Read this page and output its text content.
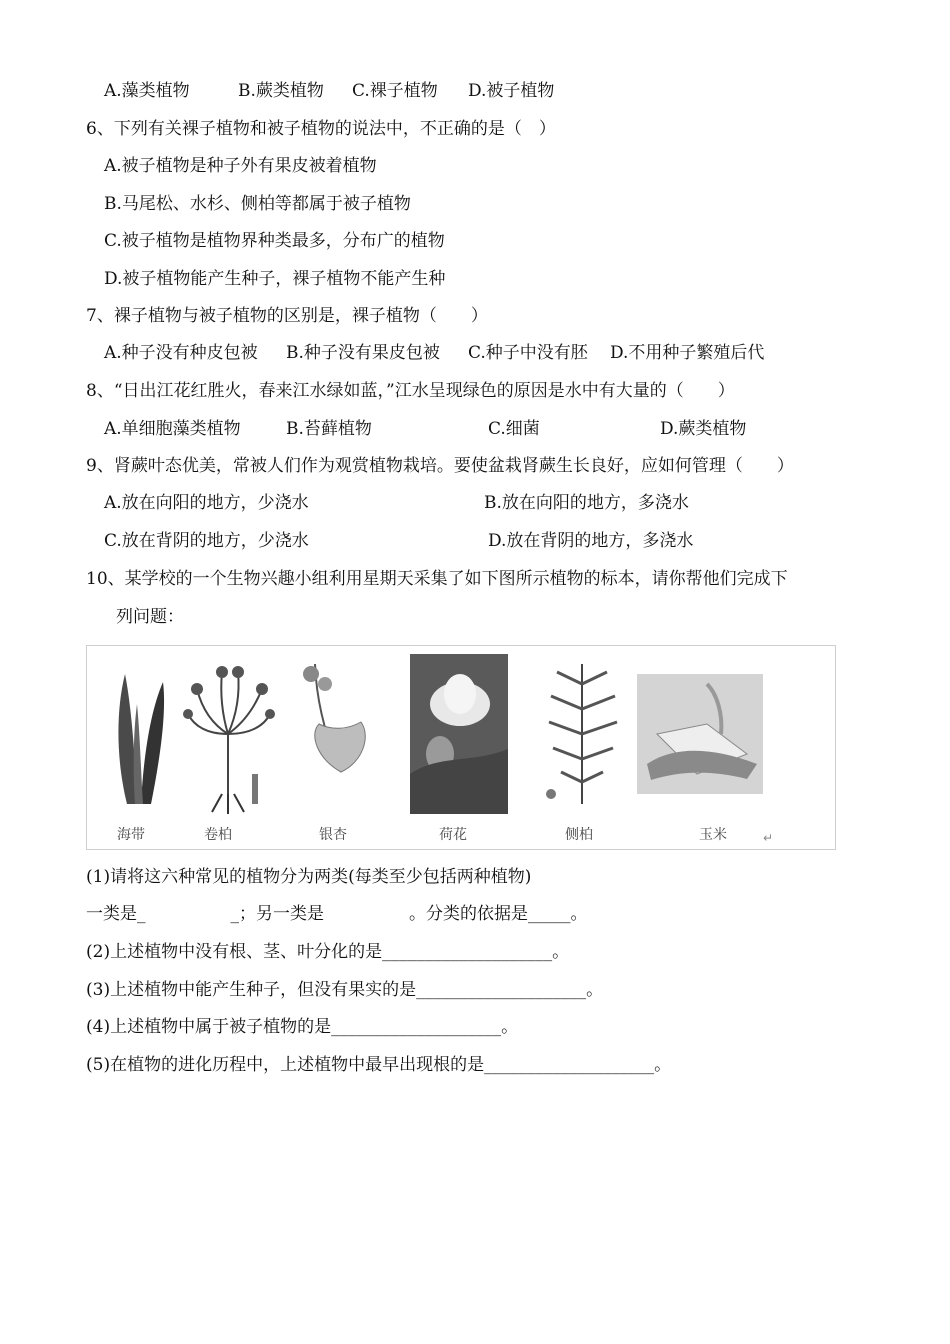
A.藻类植物	B.蕨类植物 C.裸子植物 D.被子植物
6、下列有关裸子植物和被子植物的说法中，不正确的是（　）
A.被子植物是种子外有果皮被着植物
B.马尾松、水杉、侧柏等都属于被子植物
C.被子植物是植物界种类最多，分布广的植物
D.被子植物能产生种子，裸子植物不能产生种
7、裸子植物与被子植物的区别是，裸子植物（　　）
A.种子没有种皮包被 B.种子没有果皮包被 C.种子中没有胚 D.不用种子繁殖后代
8、“日出江花红胜火，春来江水绿如蓝，”江水呈现绿色的原因是水中有大量的（　　）
A.单细胞藻类植物	B.苔藓植物	C.细菌	D.蕨类植物
9、肾蕨叶态优美，常被人们作为观赏植物栽培。要使盆栽肾蕨生长良好，应如何管理（　　）
A.放在向阳的地方，少浇水	B.放在向阳的地方，多浇水
C.放在背阴的地方，少浇水	D.放在背阴的地方，多浇水
10、某学校的一个生物兴趣小组利用星期天采集了如下图所示植物的标本，请你帮他们完成下
列问题：
海带	卷柏	银杏	荷花	侧柏	玉米	↵
(1)请将这六种常见的植物分为两类(每类至少包括两种植物)
一类是_　　　　　_；另一类是　　　　　。分类的依据是_____。
(2)上述植物中没有根、茎、叶分化的是____________________。
(3)上述植物中能产生种子，但没有果实的是____________________。
(4)上述植物中属于被子植物的是____________________。
(5)在植物的进化历程中，上述植物中最早出现根的是____________________。
